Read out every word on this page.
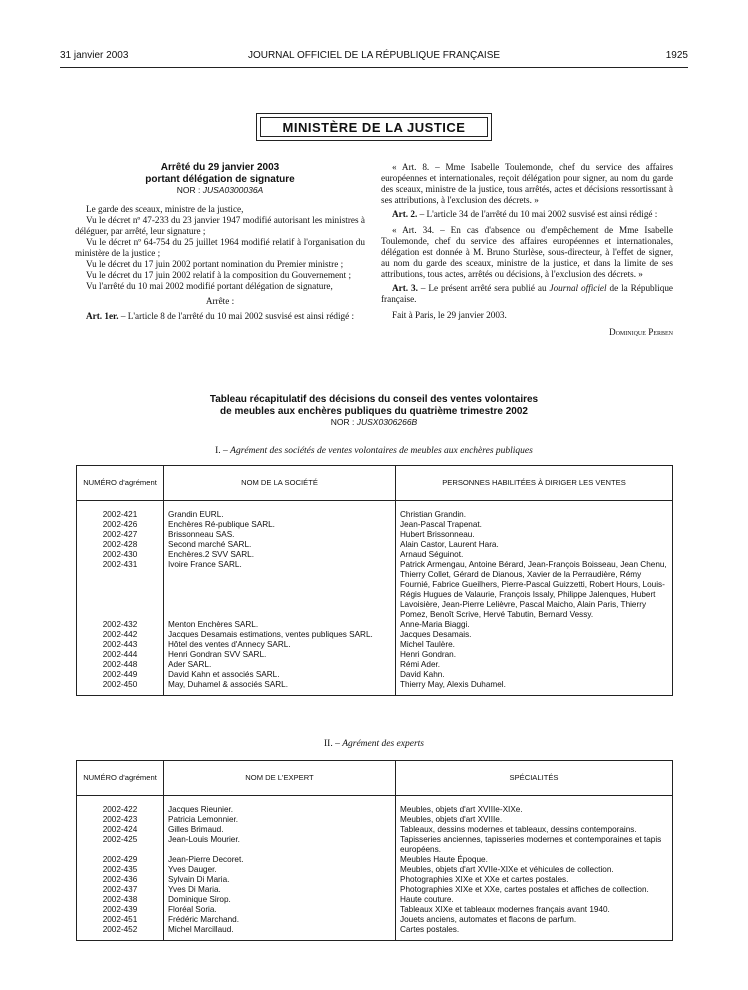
31 janvier 2003	JOURNAL OFFICIEL DE LA RÉPUBLIQUE FRANÇAISE	1925
MINISTÈRE DE LA JUSTICE
Arrêté du 29 janvier 2003
portant délégation de signature
NOR : JUSA0300036A

Le garde des sceaux, ministre de la justice,

Vu le décret nº 47-233 du 23 janvier 1947 modifié autorisant les ministres à déléguer, par arrêté, leur signature ;

Vu le décret nº 64-754 du 25 juillet 1964 modifié relatif à l'organisation du ministère de la justice ;

Vu le décret du 17 juin 2002 portant nomination du Premier ministre ;

Vu le décret du 17 juin 2002 relatif à la composition du Gouvernement ;

Vu l'arrêté du 10 mai 2002 modifié portant délégation de signature,

Arrête :

Art. 1er. – L'article 8 de l'arrêté du 10 mai 2002 susvisé est ainsi rédigé :

« Art. 8. – Mme Isabelle Toulemonde, chef du service des affaires européennes et internationales, reçoit délégation pour signer, au nom du garde des sceaux, ministre de la justice, tous arrêtés, actes et décisions ressortissant à ses attributions, à l'exclusion des décrets. »

Art. 2. – L'article 34 de l'arrêté du 10 mai 2002 susvisé est ainsi rédigé :

« Art. 34. – En cas d'absence ou d'empêchement de Mme Isabelle Toulemonde, chef du service des affaires européennes et internationales, délégation est donnée à M. Bruno Sturlèse, sous-directeur, à l'effet de signer, au nom du garde des sceaux, ministre de la justice, et dans la limite de ses attributions, tous actes, arrêtés ou décisions, à l'exclusion des décrets. »

Art. 3. – Le présent arrêté sera publié au Journal officiel de la République française.

Fait à Paris, le 29 janvier 2003.

Dominique Perben
Tableau récapitulatif des décisions du conseil des ventes volontaires
de meubles aux enchères publiques du quatrième trimestre 2002
NOR : JUSX0306266B
I. – Agrément des sociétés de ventes volontaires de meubles aux enchères publiques
NUMÉRO d'agrément	NOM DE LA SOCIÉTÉ	PERSONNES HABILITÉES À DIRIGER LES VENTES

2002-421	Grandin EURL.	Christian Grandin.
2002-426	Enchères Ré-publique SARL.	Jean-Pascal Trapenat.
2002-427	Brissonneau SAS.	Hubert Brissonneau.
2002-428	Second marché SARL.	Alain Castor, Laurent Hara.
2002-430	Enchères.2 SVV SARL.	Arnaud Séguinot.
2002-431	Ivoire France SARL.	Patrick Armengau, Antoine Bérard, Jean-François Boisseau, Jean Chenu, Thierry Collet, Gérard de Dianous, Xavier de la Perraudière, Rémy Fournié, Fabrice Gueilhers, Pierre-Pascal Guizzetti, Robert Hours, Louis-Régis Hugues de Valaurie, François Issaly, Philippe Jalenques, Hubert Lavoisière, Jean-Pierre Lelièvre, Pascal Maicho, Alain Paris, Thierry Pomez, Benoît Scrive, Hervé Tabutin, Bernard Vessy.
2002-432	Menton Enchères SARL.	Anne-Maria Biaggi.
2002-442	Jacques Desamais estimations, ventes publiques SARL.	Jacques Desamais.
2002-443	Hôtel des ventes d'Annecy SARL.	Michel Taulère.
2002-444	Henri Gondran SVV SARL.	Henri Gondran.
2002-448	Ader SARL.	Rémi Ader.
2002-449	David Kahn et associés SARL.	David Kahn.
2002-450	May, Duhamel & associés SARL.	Thierry May, Alexis Duhamel.

II. – Agrément des experts
NUMÉRO d'agrément	NOM DE L'EXPERT	SPÉCIALITÉS

2002-422	Jacques Rieunier.	Meubles, objets d'art XVIIIe-XIXe.
2002-423	Patricia Lemonnier.	Meubles, objets d'art XVIIIe.
2002-424	Gilles Brimaud.	Tableaux, dessins modernes et tableaux, dessins contemporains.
2002-425	Jean-Louis Mourier.	Tapisseries anciennes, tapisseries modernes et contemporaines et tapis européens.
2002-429	Jean-Pierre Decoret.	Meubles Haute Époque.
2002-435	Yves Dauger.	Meubles, objets d'art XVIIe-XIXe et véhicules de collection.
2002-436	Sylvain Di Maria.	Photographies XIXe et XXe et cartes postales.
2002-437	Yves Di Maria.	Photographies XIXe et XXe, cartes postales et affiches de collection.
2002-438	Dominique Sirop.	Haute couture.
2002-439	Floréal Soria.	Tableaux XIXe et tableaux modernes français avant 1940.
2002-451	Frédéric Marchand.	Jouets anciens, automates et flacons de parfum.
2002-452	Michel Marcillaud.	Cartes postales.
